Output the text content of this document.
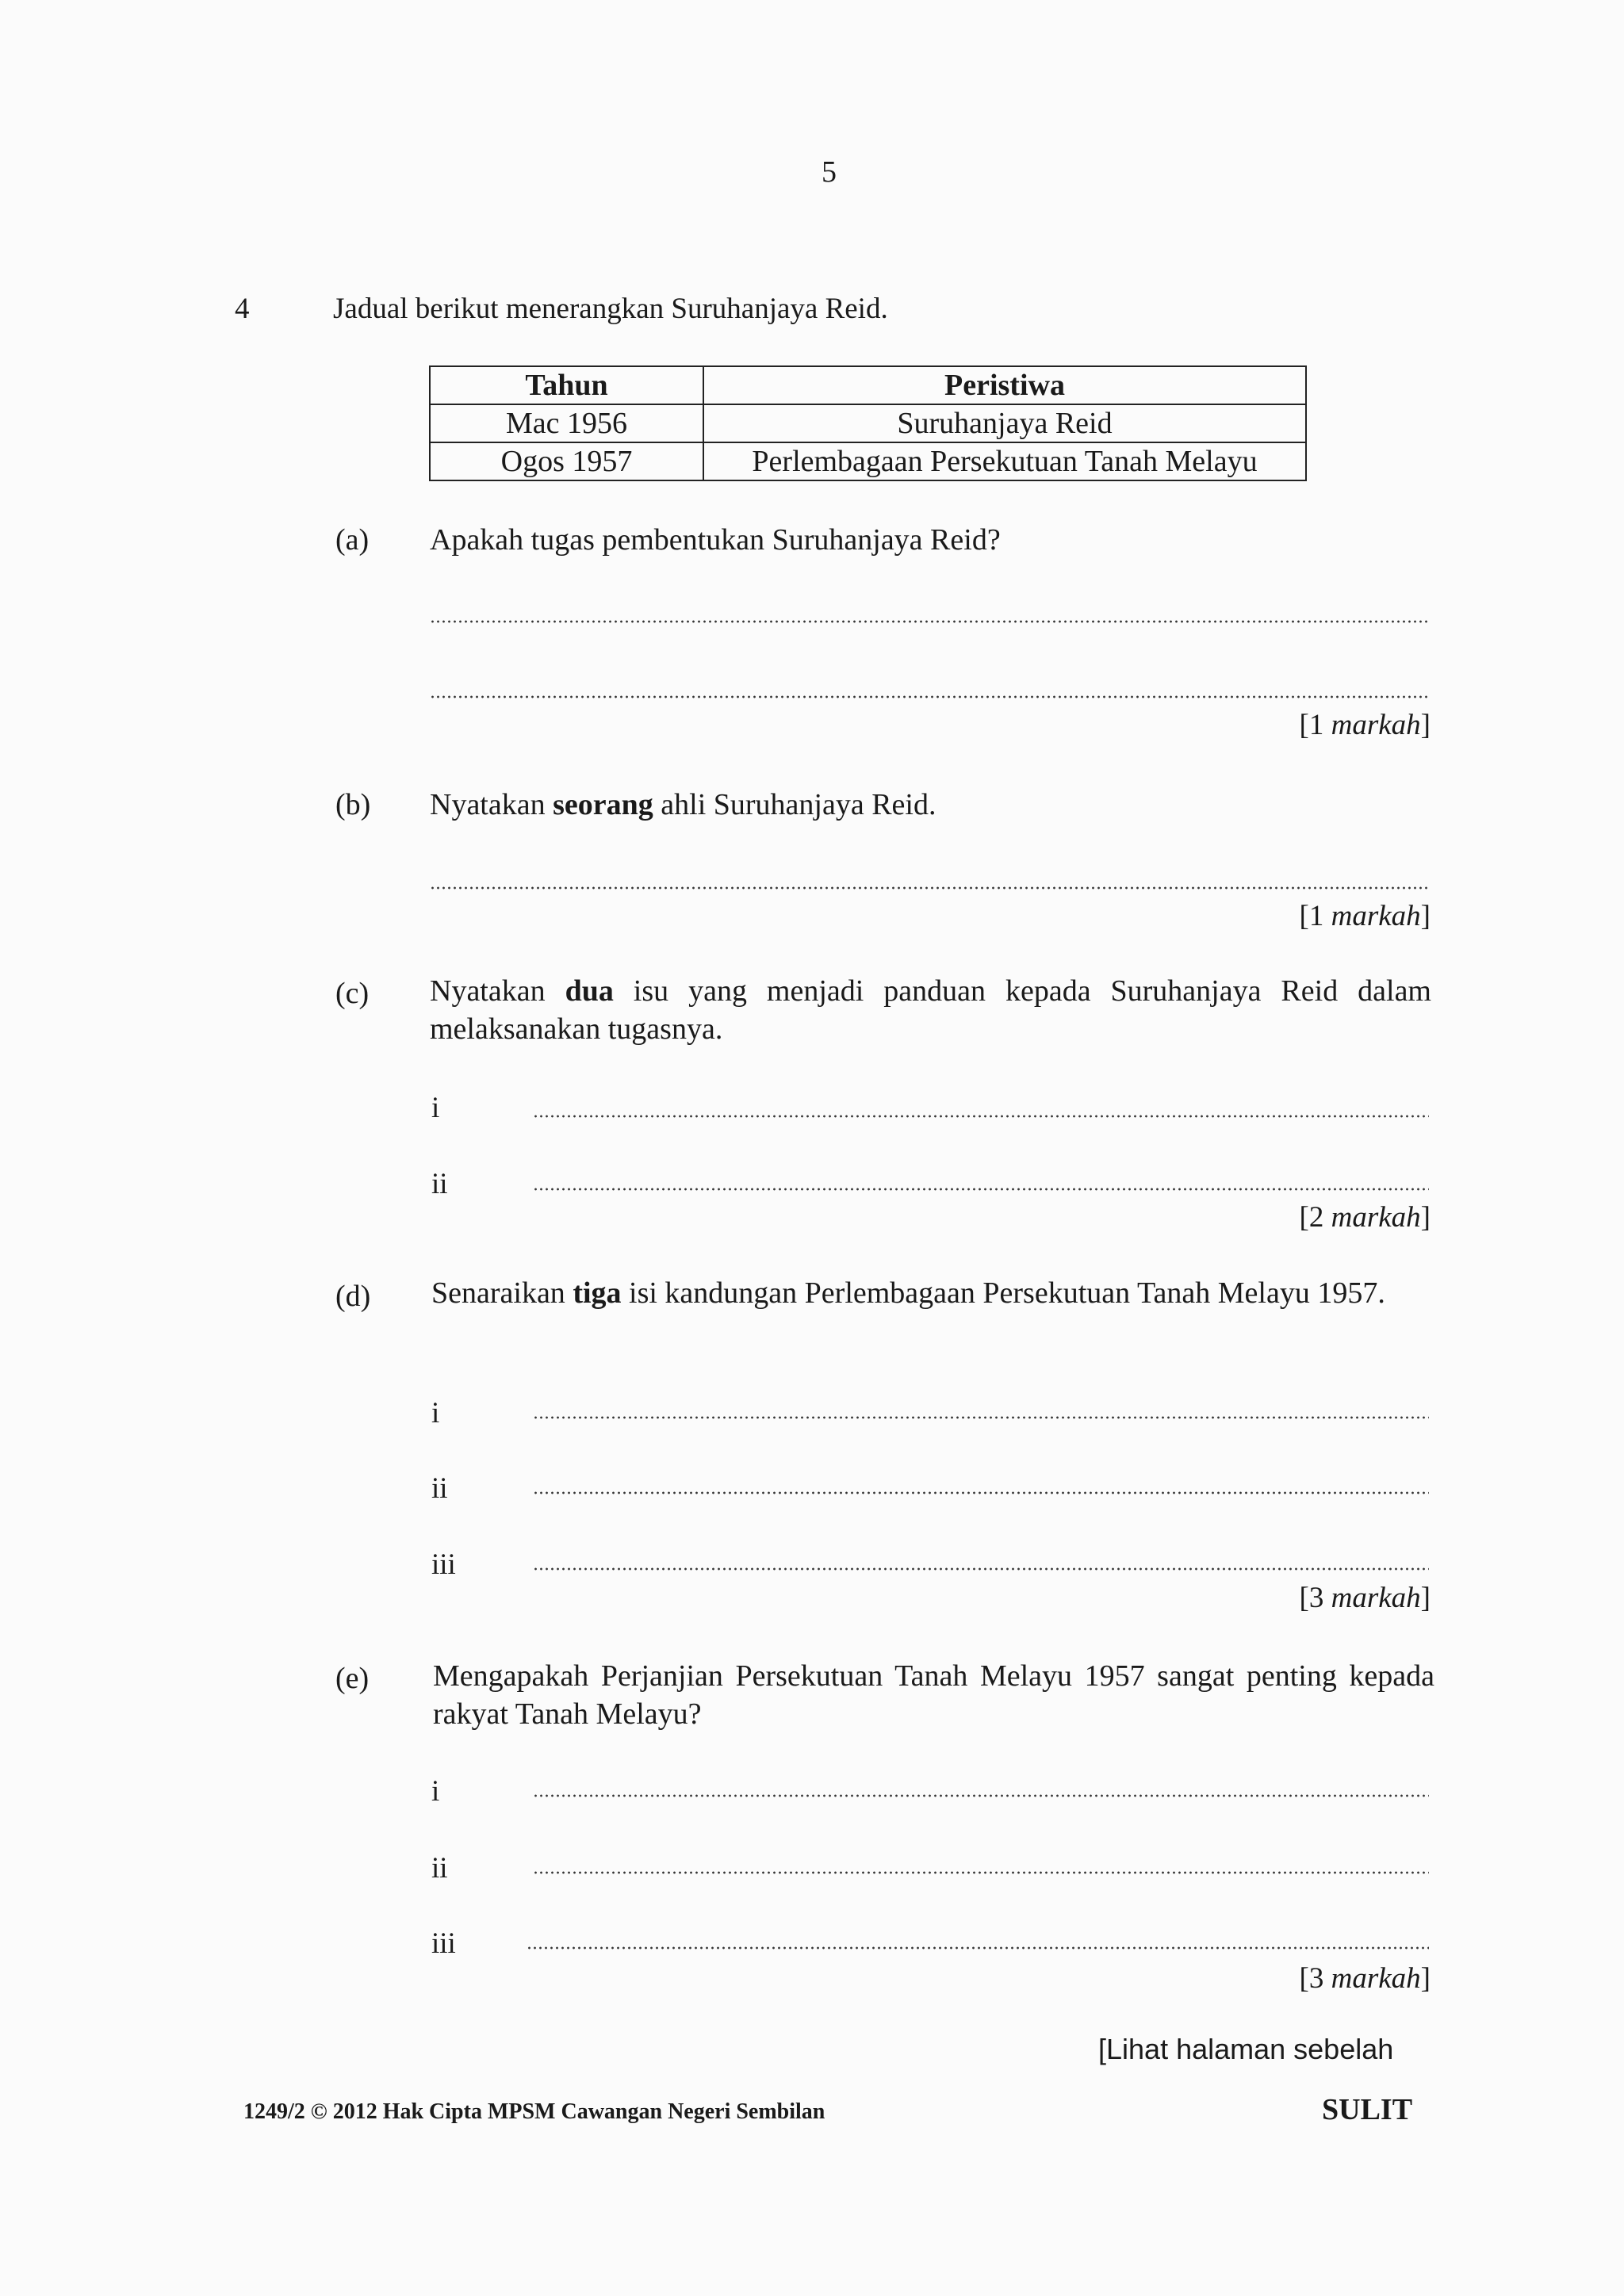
5
4	Jadual berikut menerangkan Suruhanjaya Reid.
Tahun	Peristiwa
Mac 1956	Suruhanjaya Reid
Ogos 1957	Perlembagaan Persekutuan Tanah Melayu
(a) Apakah tugas pembentukan Suruhanjaya Reid?
[1 markah]
(b) Nyatakan seorang ahli Suruhanjaya Reid.
[1 markah]
(c) Nyatakan dua isu yang menjadi panduan kepada Suruhanjaya Reid dalam melaksanakan tugasnya.
i
ii
[2 markah]
(d) Senaraikan tiga isi kandungan Perlembagaan Persekutuan Tanah Melayu 1957.
i
ii
iii
[3 markah]
(e) Mengapakah Perjanjian Persekutuan Tanah Melayu 1957 sangat penting kepada rakyat Tanah Melayu?
i
ii
iii
[3 markah]
[Lihat halaman sebelah
1249/2 © 2012 Hak Cipta MPSM Cawangan Negeri Sembilan	SULIT
